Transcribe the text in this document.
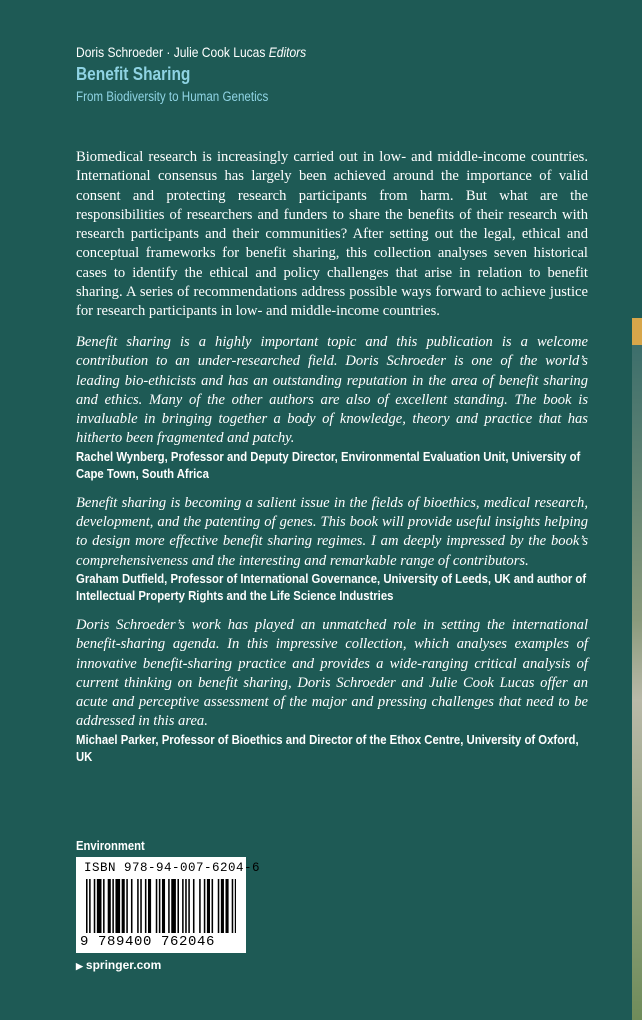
Doris Schroeder · Julie Cook Lucas Editors
Benefit Sharing
From Biodiversity to Human Genetics

Biomedical research is increasingly carried out in low- and middle-income countries. International consensus has largely been achieved around the importance of valid consent and protecting research participants from harm. But what are the responsibilities of researchers and funders to share the benefits of their research with research participants and their communities? After setting out the legal, ethical and conceptual frameworks for benefit sharing, this collection analyses seven historical cases to identify the ethical and policy challenges that arise in relation to benefit sharing. A series of recommendations address possible ways forward to achieve justice for research participants in low- and middle-income countries.

Benefit sharing is a highly important topic and this publication is a welcome contribution to an under-researched field. Doris Schroeder is one of the world’s leading bio-ethicists and has an outstanding reputation in the area of benefit sharing and ethics. Many of the other authors are also of excellent standing. The book is invaluable in bringing together a body of knowledge, theory and practice that has hitherto been fragmented and patchy.

Rachel Wynberg, Professor and Deputy Director, Environmental Evaluation Unit, University of Cape Town, South Africa

Benefit sharing is becoming a salient issue in the fields of bioethics, medical research, development, and the patenting of genes. This book will provide useful insights helping to design more effective benefit sharing regimes. I am deeply impressed by the book’s comprehensiveness and the interesting and remarkable range of contributors.

Graham Dutfield, Professor of International Governance, University of Leeds, UK and author of Intellectual Property Rights and the Life Science Industries

Doris Schroeder’s work has played an unmatched role in setting the international benefit-sharing agenda. In this impressive collection, which analyses examples of innovative benefit-sharing practice and provides a wide-ranging critical analysis of current thinking on benefit sharing, Doris Schroeder and Julie Cook Lucas offer an acute and perceptive assessment of the major and pressing challenges that need to be addressed in this area.

Michael Parker, Professor of Bioethics and Director of the Ethox Centre, University of Oxford, UK

Environment
ISBN 978-94-007-6204-6
9 789400 762046
▶ springer.com
